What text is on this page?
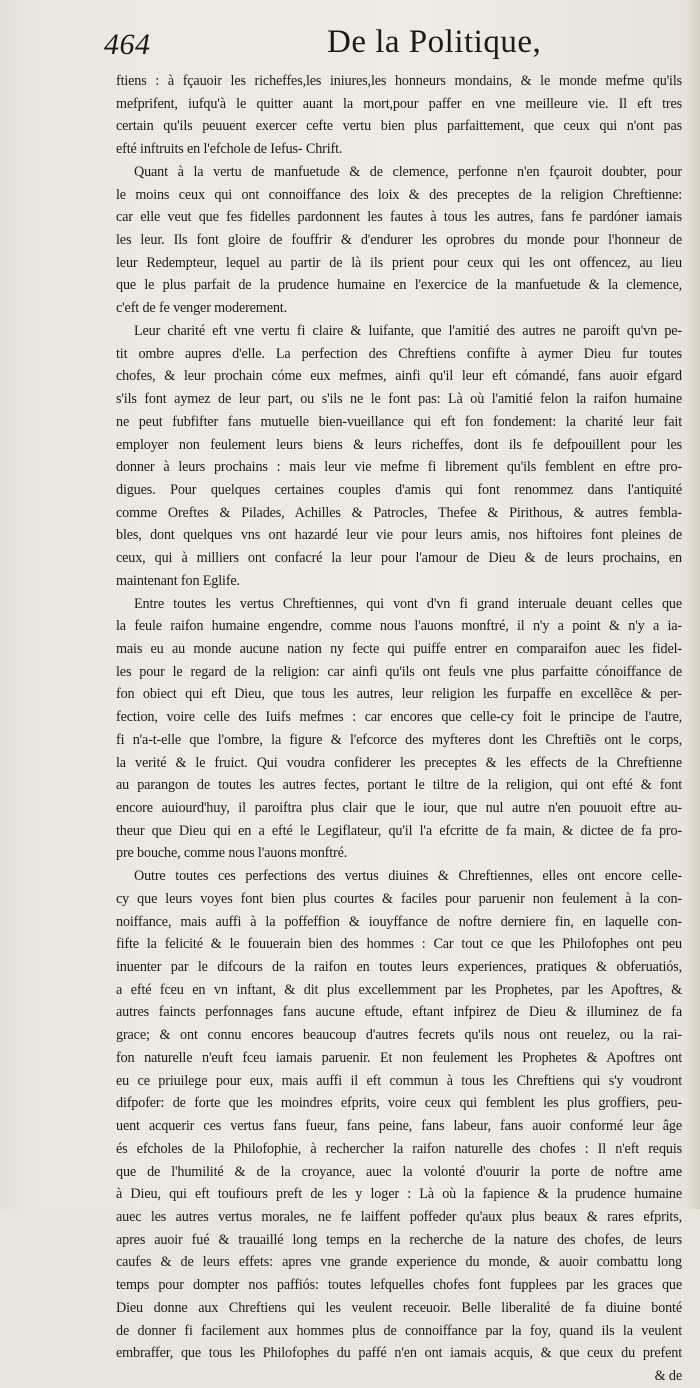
464	De la Politique,
ftiens : à fçauoir les richeffes,les iniures,les honneurs mondains, & le monde mefme qu'ils
mefprifent, iufqu'à le quitter auant la mort,pour paffer en vne meilleure vie. Il eft tres
certain qu'ils peuuent exercer cefte vertu bien plus parfaittement, que ceux qui n'ont pas
efté inftruits en l'efchole de Iefus- Chrift.
Quant à la vertu de manfuetude & de clemence, perfonne n'en fçauroit doubter, pour
le moins ceux qui ont connoiffance des loix & des preceptes de la religion Chreftienne:
car elle veut que fes fidelles pardonnent les fautes à tous les autres, fans fe pardóner iamais
les leur. Ils font gloire de fouffrir & d'endurer les oprobres du monde pour l'honneur de
leur Redempteur, lequel au partir de là ils prient pour ceux qui les ont offencez, au lieu
que le plus parfait de la prudence humaine en l'exercice de la manfuetude & la clemence,
c'eft de fe venger moderement.
Leur charité eft vne vertu fi claire & luifante, que l'amitié des autres ne paroift qu'vn pe-
tit ombre aupres d'elle. La perfection des Chreftiens confifte à aymer Dieu fur toutes
chofes, & leur prochain cóme eux mefmes, ainfi qu'il leur eft cómandé, fans auoir efgard
s'ils font aymez de leur part, ou s'ils ne le font pas: Là où l'amitié felon la raifon humaine
ne peut fubfifter fans mutuelle bien-vueillance qui eft fon fondement: la charité leur fait
employer non feulement leurs biens & leurs richeffes, dont ils fe defpouillent pour les
donner à leurs prochains : mais leur vie mefme fi librement qu'ils femblent en eftre pro-
digues. Pour quelques certaines couples d'amis qui font renommez dans l'antiquité
comme Oreftes & Pilades, Achilles & Patrocles, Thefee & Pirithous, & autres fembla-
bles, dont quelques vns ont hazardé leur vie pour leurs amis, nos hiftoires font pleines de
ceux, qui à milliers ont confacré la leur pour l'amour de Dieu & de leurs prochains, en
maintenant fon Eglife.
Entre toutes les vertus Chreftiennes, qui vont d'vn fi grand interuale deuant celles que
la feule raifon humaine engendre, comme nous l'auons monftré, il n'y a point & n'y a ia-
mais eu au monde aucune nation ny fecte qui puiffe entrer en comparaifon auec les fidel-
les pour le regard de la religion: car ainfi qu'ils ont feuls vne plus parfaitte cónoiffance de
fon obiect qui eft Dieu, que tous les autres, leur religion les furpaffe en excellẽce & per-
fection, voire celle des Iuifs mefmes : car encores que celle-cy foit le principe de l'autre,
fi n'a-t-elle que l'ombre, la figure & l'efcorce des myfteres dont les Chreftiẽs ont le corps,
la verité & le fruict. Qui voudra confiderer les preceptes & les effects de la Chreftienne
au parangon de toutes les autres fectes, portant le tiltre de la religion, qui ont efté & font
encore auiourd'huy, il paroiftra plus clair que le iour, que nul autre n'en pouuoit eftre au-
theur que Dieu qui en a efté le Legiflateur, qu'il l'a efcritte de fa main, & dictee de fa pro-
pre bouche, comme nous l'auons monftré.
Outre toutes ces perfections des vertus diuines & Chreftiennes, elles ont encore celle-
cy que leurs voyes font bien plus courtes & faciles pour paruenir non feulement à la con-
noiffance, mais auffi à la poffeffion & iouyffance de noftre derniere fin, en laquelle con-
fifte la felicité & le fouuerain bien des hommes : Car tout ce que les Philofophes ont peu
inuenter par le difcours de la raifon en toutes leurs experiences, pratiques & obferuatiós,
a efté fceu en vn inftant, & dit plus excellemment par les Prophetes, par les Apoftres, &
autres faincts perfonnages fans aucune eftude, eftant infpirez de Dieu & illuminez de fa
grace; & ont connu encores beaucoup d'autres fecrets qu'ils nous ont reuelez, ou la rai-
fon naturelle n'euft fceu iamais paruenir. Et non feulement les Prophetes & Apoftres ont
eu ce priuilege pour eux, mais auffi il eft commun à tous les Chreftiens qui s'y voudront
difpofer: de forte que les moindres efprits, voire ceux qui femblent les plus groffiers, peu-
uent acquerir ces vertus fans fueur, fans peine, fans labeur, fans auoir conformé leur âge
és efcholes de la Philofophie, à rechercher la raifon naturelle des chofes : Il n'eft requis
que de l'humilité & de la croyance, auec la volonté d'ouurir la porte de noftre ame
à Dieu, qui eft toufiours preft de les y loger : Là où la fapience & la prudence humaine
auec les autres vertus morales, ne fe laiffent poffeder qu'aux plus beaux & rares efprits,
apres auoir fué & trauaillé long temps en la recherche de la nature des chofes, de leurs
caufes & de leurs effets: apres vne grande experience du monde, & auoir combattu long
temps pour dompter nos paffiós: toutes lefquelles chofes font fupplees par les graces que
Dieu donne aux Chreftiens qui les veulent receuoir. Belle liberalité de fa diuine bonté
de donner fi facilement aux hommes plus de connoiffance par la foy, quand ils la veulent
embraffer, que tous les Philofophes du paffé n'en ont iamais acquis, & que ceux du prefent
& de
